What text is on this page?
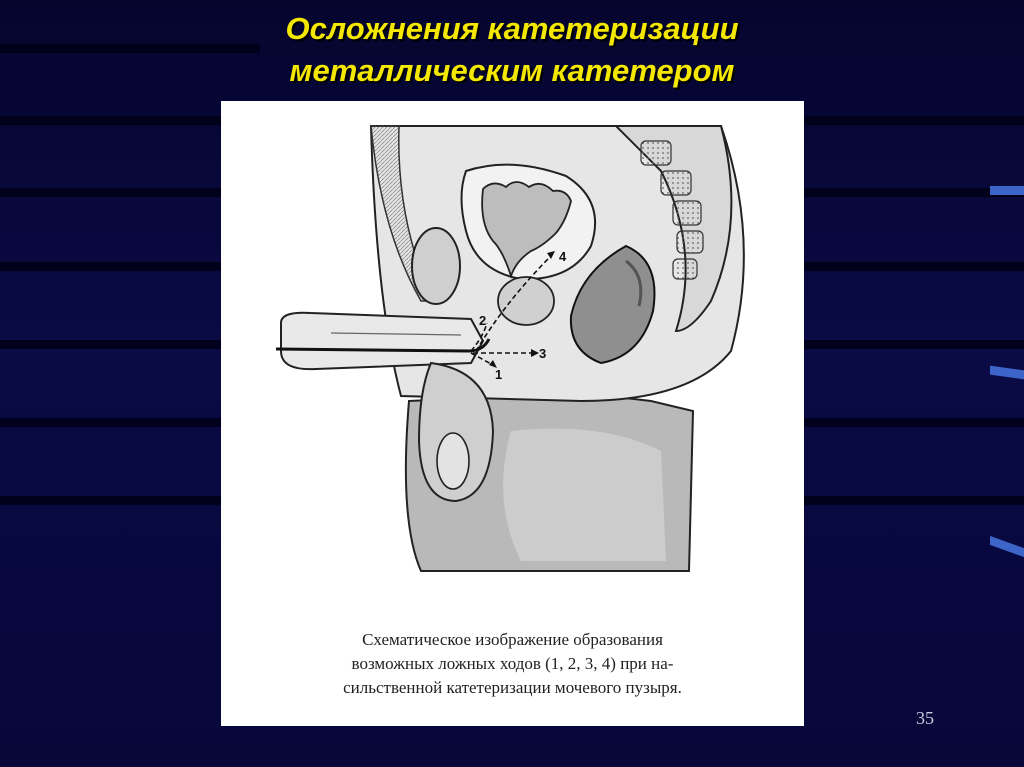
Осложнения катетеризации
металлическим катетером
1
2
3
4
Схематическое изображение образования
возможных ложных ходов (1, 2, 3, 4) при на-
сильственной катетеризации мочевого пузыря.
35
